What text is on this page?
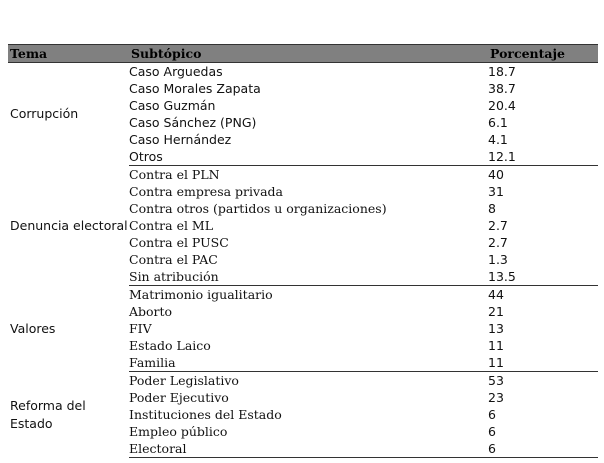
Tema	Subtópico	Porcentaje
Corrupción	Caso Arguedas	18.7
	Caso Morales Zapata	38.7
	Caso Guzmán	20.4
	Caso Sánchez (PNG)	6.1
	Caso Hernández	4.1
	Otros	12.1
Denuncia electoral	Contra el PLN	40
	Contra empresa privada	31
	Contra otros (partidos u organizaciones)	8
	Contra el ML	2.7
	Contra el PUSC	2.7
	Contra el PAC	1.3
	Sin atribución	13.5
Valores	Matrimonio igualitario	44
	Aborto	21
	FIV	13
	Estado Laico	11
	Familia	11
Reforma del Estado	Poder Legislativo	53
	Poder Ejecutivo	23
	Instituciones del Estado	6
	Empleo público	6
	Electoral	6
